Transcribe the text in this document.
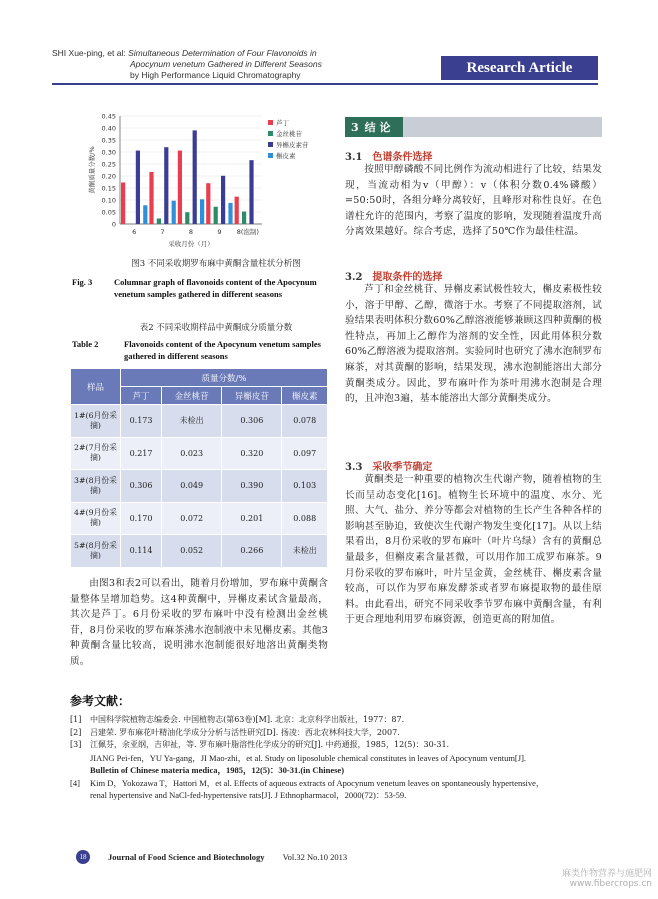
SHI Xue-ping, et al: Simultaneous Determination of Four Flavonoids in
Apocynum venetum Gathered in Different Seasons
by High Performance Liquid Chromatography	Research Article
0
0.05
0.10
0.15
0.20
0.25
0.30
0.35
0.40
0.45
黄酮质量分数/%
6	7	8	9 8(泡制)
采收月份（月）
芦丁
金丝桃苷
异槲皮素苷
槲皮素
图3 不同采收期罗布麻中黄酮含量柱状分析图
Fig. 3	Columnar graph of flavonoids content of the Apocynum venetum samples gathered in different seasons
表2 不同采收期样品中黄酮成分质量分数
Table 2	Flavonoids content of the Apocynum venetum samples gathered in different seasons
样品	质量分数/%			
	芦丁	金丝桃苷	异槲皮苷	槲皮素
1#(6月份采摘)	0.173	未检出	0.306	0.078
2#(7月份采摘)	0.217	0.023	0.320	0.097
3#(8月份采摘)	0.306	0.049	0.390	0.103
4#(9月份采摘)	0.170	0.072	0.201	0.088
5#(8月份采摘)	0.114	0.052	0.266	未检出
由图3和表2可以看出，随着月份增加，罗布麻中黄酮含量整体呈增加趋势。这4种黄酮中，异槲皮素试含量最高，其次是芦丁。6月份采收的罗布麻叶中没有检测出金丝桃苷，8月份采收的罗布麻茶沸水泡制液中未见槲皮素。其他3种黄酮含量比较高，说明沸水泡制能很好地溶出黄酮类物质。
3 结 论
3.1 色谱条件选择
按照甲醇磷酸不同比例作为流动相进行了比较，结果发现，当流动相为v（甲醇）：v（体积分数0.4%磷酸）=50:50时，各组分峰分离较好，且峰形对称性良好。在色谱柱允许的范围内，考察了温度的影响，发现随着温度升高分离效果越好。综合考虑，选择了50℃作为最佳柱温。
3.2 提取条件的选择
芦丁和金丝桃苷、异槲皮素试极性较大，槲皮素极性较小，溶于甲醇、乙醇，微溶于水。考察了不同提取溶剂，试验结果表明体积分数60%乙醇溶液能够兼顾这四种黄酮的极性特点，再加上乙醇作为溶剂的安全性，因此用体积分数60%乙醇溶液为提取溶剂。实验同时也研究了沸水泡制罗布麻茶，对其黄酮的影响，结果发现，沸水泡制能溶出大部分黄酮类成分。因此，罗布麻叶作为茶叶用沸水泡制是合理的，且冲泡3遍，基本能溶出大部分黄酮类成分。
3.3 采收季节确定
黄酮类是一种重要的植物次生代谢产物，随着植物的生长而呈动态变化[16]。植物生长环境中的温度、水分、光照、大气、盐分、养分等都会对植物的生长产生各种各样的影响甚至胁迫，致使次生代谢产物发生变化[17]。从以上结果看出，8月份采收的罗布麻叶（叶片乌绿）含有的黄酮总量最多，但槲皮素含量甚微，可以用作加工成罗布麻茶。9月份采收的罗布麻叶，叶片呈金黄，金丝桃苷、槲皮素含量较高，可以作为罗布麻发酵茶或者罗布麻提取物的最佳原料。由此看出，研究不同采收季节罗布麻中黄酮含量，有利于更合理地利用罗布麻资源，创造更高的附加值。
参考文献：
[1]	中国科学院植物志编委会. 中国植物志(第63卷)[M]. 北京：北京科学出版社，1977：87.
[2]	吕建荣. 罗布麻花叶精油化学成分分析与活性研究[D]. 扬凌：西北农林科技大学，2007.
[3]	江佩芬，余亚纲，吉卯祉，等. 罗布麻叶脂溶性化学成分的研究[J]. 中药通报，1985，12(5)：30-31.
JIANG Pei-fen，YU Ya-gang，JI Mao-zhi，et al. Study on liposoluble chemical constitutes in leaves of Apocynum ventum[J].
Bulletin of Chinese materia medica，1985，12(5)：30-31.(in Chinese)
[4]	Kim D，Yokozawa T，Hattori M，et al. Effects of aqueous extracts of Apocynum venetum leaves on spontaneously hypertensive，
renal hypertensive and NaCl-fed-hypertensive rats[J]. J Ethnopharmacol，2000(72)：53-59.
18	Journal of Food Science and Biotechnology Vol.32 No.10 2013
麻类作物营养与施肥网
www.fibercrops.cn
